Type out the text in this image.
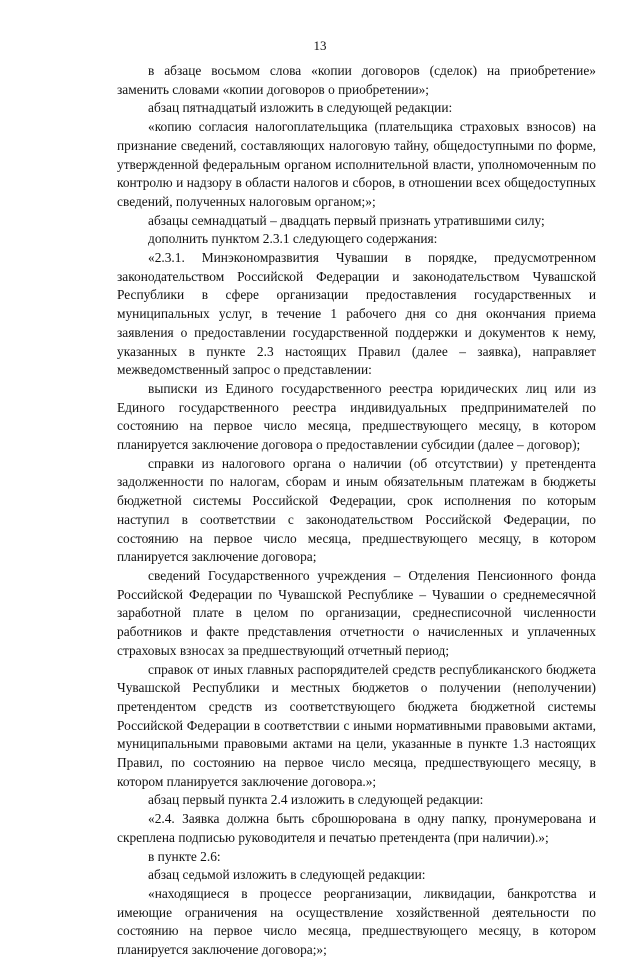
13

в абзаце восьмом слова «копии договоров (сделок) на приобретение» заменить словами «копии договоров о приобретении»;

абзац пятнадцатый изложить в следующей редакции:

«копию согласия налогоплательщика (плательщика страховых взносов) на признание сведений, составляющих налоговую тайну, общедоступными по форме, утвержденной федеральным органом исполнительной власти, уполномоченным по контролю и надзору в области налогов и сборов, в отношении всех общедоступных сведений, полученных налоговым органом;»;

абзацы семнадцатый – двадцать первый признать утратившими силу;

дополнить пунктом 2.3.1 следующего содержания:

«2.3.1. Минэкономразвития Чувашии в порядке, предусмотренном законодательством Российской Федерации и законодательством Чувашской Республики в сфере организации предоставления государственных и муниципальных услуг, в течение 1 рабочего дня со дня окончания приема заявления о предоставлении государственной поддержки и документов к нему, указанных в пункте 2.3 настоящих Правил (далее – заявка), направляет межведомственный запрос о представлении:

выписки из Единого государственного реестра юридических лиц или из Единого государственного реестра индивидуальных предпринимателей по состоянию на первое число месяца, предшествующего месяцу, в котором планируется заключение договора о предоставлении субсидии (далее – договор);

справки из налогового органа о наличии (об отсутствии) у претендента задолженности по налогам, сборам и иным обязательным платежам в бюджеты бюджетной системы Российской Федерации, срок исполнения по которым наступил в соответствии с законодательством Российской Федерации, по состоянию на первое число месяца, предшествующего месяцу, в котором планируется заключение договора;

сведений Государственного учреждения – Отделения Пенсионного фонда Российской Федерации по Чувашской Республике – Чувашии о среднемесячной заработной плате в целом по организации, среднесписочной численности работников и факте представления отчетности о начисленных и уплаченных страховых взносах за предшествующий отчетный период;

справок от иных главных распорядителей средств республиканского бюджета Чувашской Республики и местных бюджетов о получении (неполучении) претендентом средств из соответствующего бюджета бюджетной системы Российской Федерации в соответствии с иными нормативными правовыми актами, муниципальными правовыми актами на цели, указанные в пункте 1.3 настоящих Правил, по состоянию на первое число месяца, предшествующего месяцу, в котором планируется заключение договора.»;

абзац первый пункта 2.4 изложить в следующей редакции:

«2.4. Заявка должна быть сброшюрована в одну папку, пронумерована и скреплена подписью руководителя и печатью претендента (при наличии).»;

в пункте 2.6:

абзац седьмой изложить в следующей редакции:

«находящиеся в процессе реорганизации, ликвидации, банкротства и имеющие ограничения на осуществление хозяйственной деятельности по состоянию на первое число месяца, предшествующего месяцу, в котором планируется заключение договора;»;
